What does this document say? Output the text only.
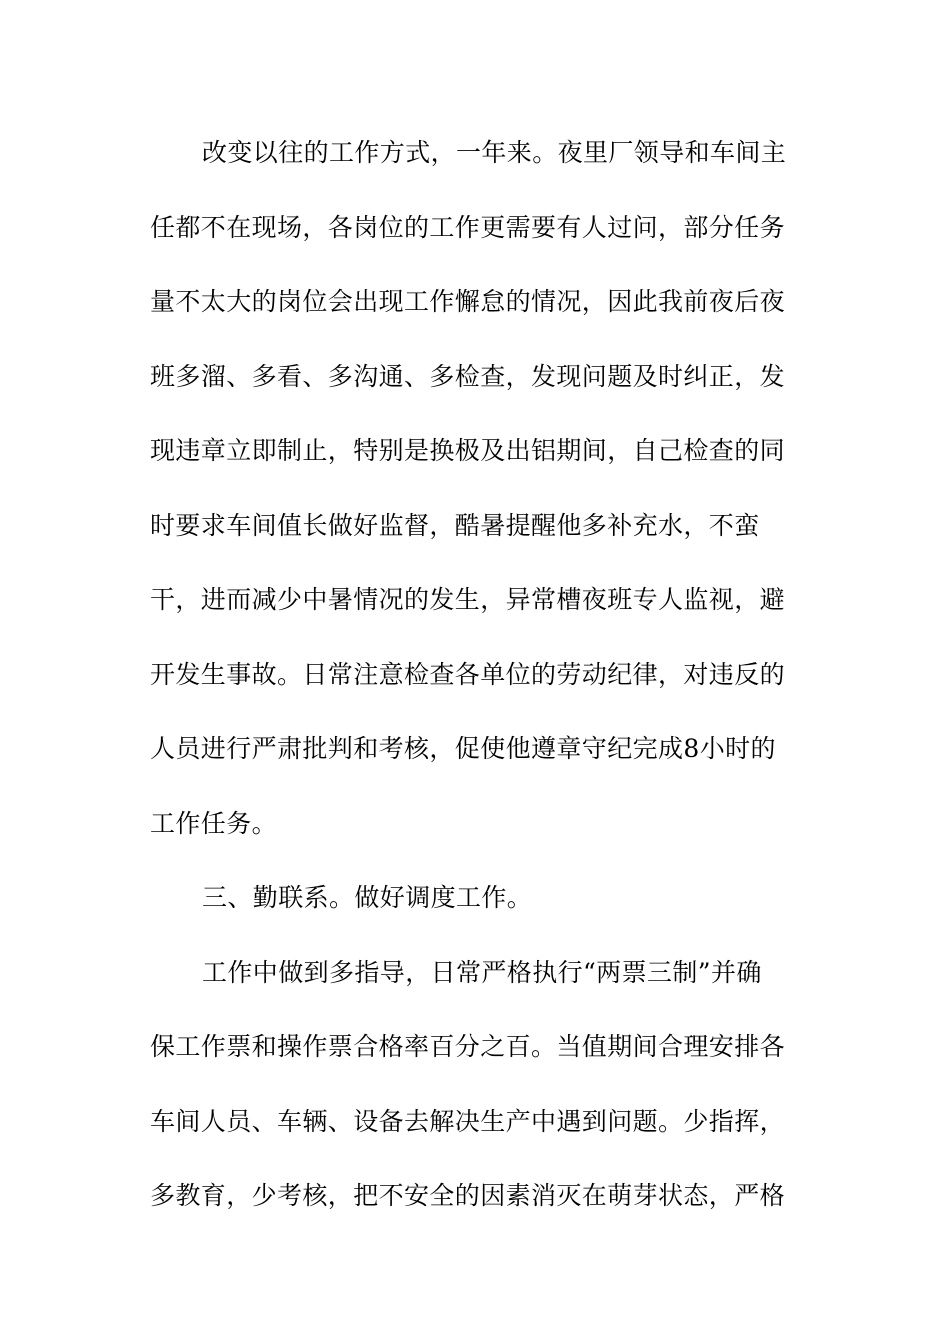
改变以往的工作方式，一年来。夜里厂领导和车间主
任都不在现场，各岗位的工作更需要有人过问，部分任务
量不太大的岗位会出现工作懈怠的情况，因此我前夜后夜
班多溜、多看、多沟通、多检查，发现问题及时纠正，发
现违章立即制止，特别是换极及出铝期间，自己检查的同
时要求车间值长做好监督，酷暑提醒他多补充水，不蛮
干，进而减少中暑情况的发生，异常槽夜班专人监视，避
开发生事故。日常注意检查各单位的劳动纪律，对违反的
人员进行严肃批判和考核，促使他遵章守纪完成8小时的
工作任务。
三、勤联系。做好调度工作。
工作中做到多指导，日常严格执行“两票三制”并确
保工作票和操作票合格率百分之百。当值期间合理安排各
车间人员、车辆、设备去解决生产中遇到问题。少指挥，
多教育，少考核，把不安全的因素消灭在萌芽状态，严格
